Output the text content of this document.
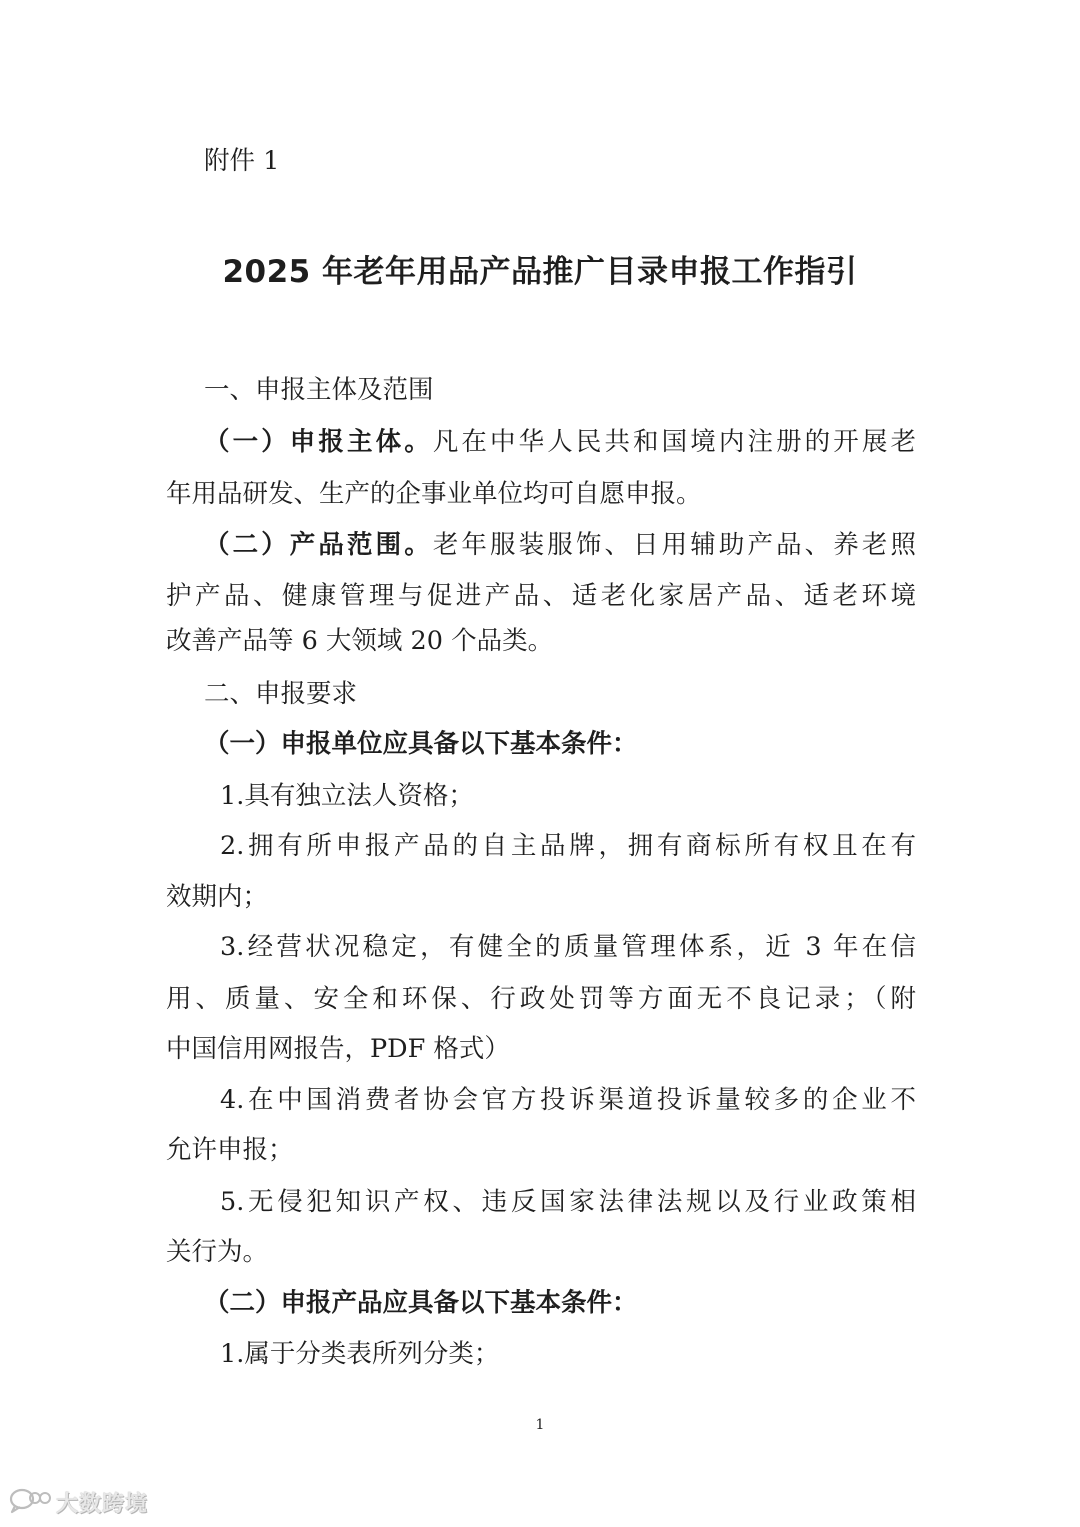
附件 1
2025 年老年用品产品推广目录申报工作指引
一、申报主体及范围
（一）申报主体。凡在中华人民共和国境内注册的开展老
年用品研发、生产的企事业单位均可自愿申报。
（二）产品范围。老年服装服饰、日用辅助产品、养老照
护产品、健康管理与促进产品、适老化家居产品、适老环境
改善产品等 6 大领域 20 个品类。
二、申报要求
（一）申报单位应具备以下基本条件：
1.具有独立法人资格；
2.拥有所申报产品的自主品牌，拥有商标所有权且在有
效期内；
3.经营状况稳定，有健全的质量管理体系，近 3 年在信
用、质量、安全和环保、行政处罚等方面无不良记录；（附
中国信用网报告，PDF 格式）
4.在中国消费者协会官方投诉渠道投诉量较多的企业不
允许申报；
5.无侵犯知识产权、违反国家法律法规以及行业政策相
关行为。
（二）申报产品应具备以下基本条件：
1.属于分类表所列分类；
1
大数跨境
